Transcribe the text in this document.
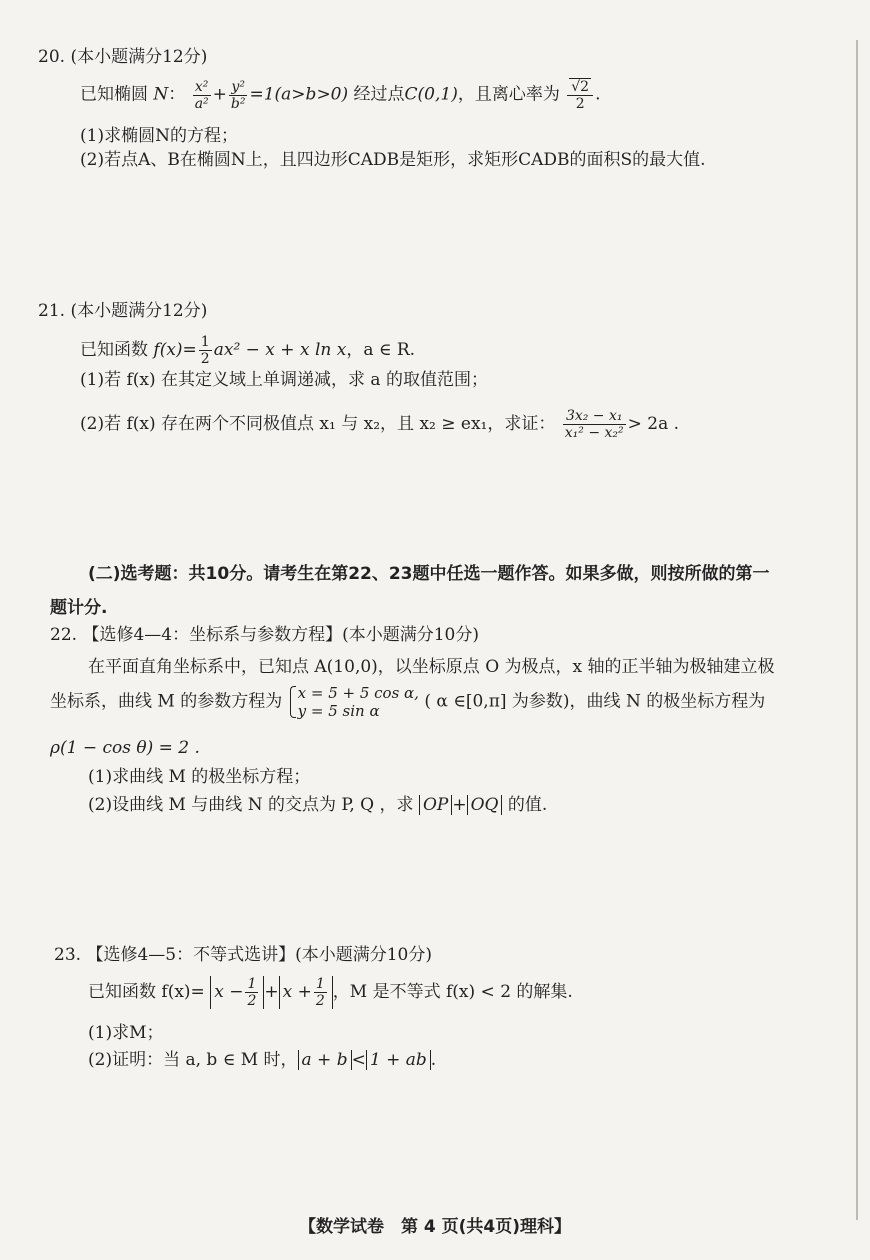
20. (本小题满分12分)
已知椭圆 N： $\frac{\text{x²}}{\text{a²}} + \frac{\text{y²}}{\text{b²}} =1(a>b>0)$ 经过点C(0,1)，且离心率为 $\frac{√2}{2}$ .
(1)求椭圆N的方程；
(2)若点A、B在椭圆N上，且四边形CADB是矩形，求矩形CADB的面积S的最大值.
21. (本小题满分12分)
已知函数 $f(x)= \frac{1}{2} ax^2 - x + x$ ln x，a ∈ R.
(1)若 f(x) 在其定义域上单调递减，求 a 的取值范围；
(2)若 f(x) 存在两个不同极值点 x₁ 与 x₂，且 x₂ ≥ ex₁，求证： $\frac{\text{3x₂ − x₁}}{\text{x₁² − x₂²}} > 2a$ .
(二)选考题：共10分。请考生在第22、23题中任选一题作答。如果多做，则按所做的第一
题计分.
22. 【选修4—4：坐标系与参数方程】(本小题满分10分)
在平面直角坐标系中，已知点 A(10,0)，以坐标原点 O 为极点，x 轴的正半轴为极轴建立极
坐标系，曲线 M 的参数方程为 x = 5 + 5 cos α,
y = 5 sin α	( α ∈[0,π] 为参数)，曲线 N 的极坐标方程为
ρ(1 − cos θ) = 2 .
(1)求曲线 M 的极坐标方程；
(2)设曲线 M 与曲线 N 的交点为 P, Q ，求 OP + OQ 的值.
23. 【选修4—5：不等式选讲】(本小题满分10分)
已知函数 $f(x)= x - \frac{1}{2} + x + \frac{1}{2}$ ，M 是不等式 f(x) < 2 的解集.
(1)求M；
(2)证明：当 a, b ∈ M 时， a + b < 1 + ab .
【数学试卷　第 4 页(共4页)理科】
